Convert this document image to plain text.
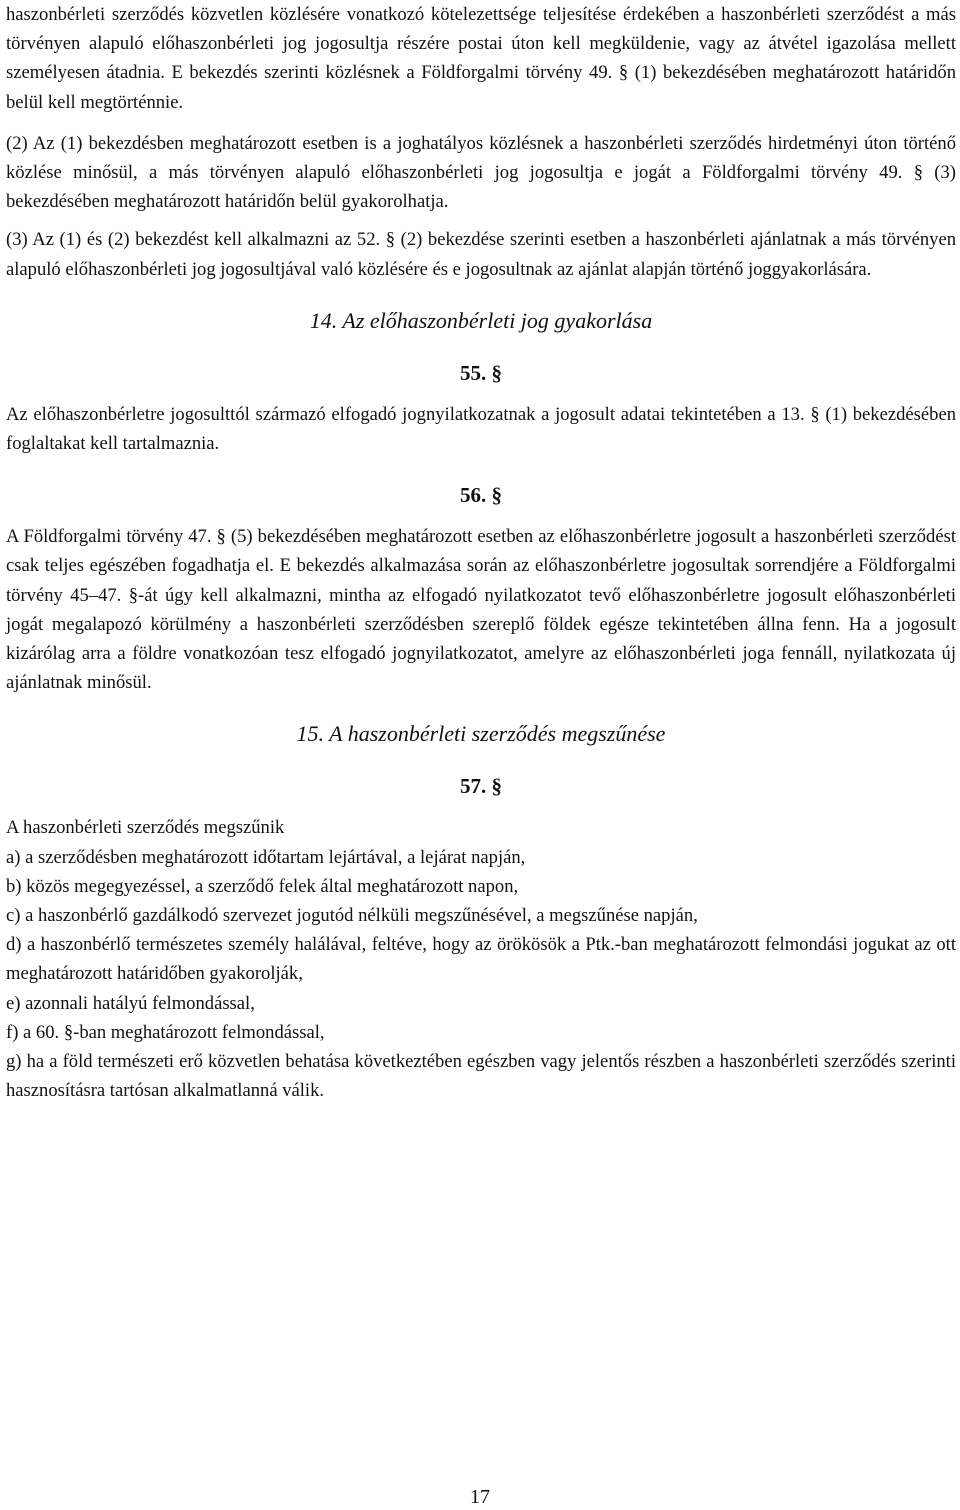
haszonbérleti szerződés közvetlen közlésére vonatkozó kötelezettsége teljesítése érdekében a haszonbérleti szerződést a más törvényen alapuló előhaszonbérleti jog jogosultja részére postai úton kell megküldenie, vagy az átvétel igazolása mellett személyesen átadnia. E bekezdés szerinti közlésnek a Földforgalmi törvény 49. § (1) bekezdésében meghatározott határidőn belül kell megtörténnie.

(2) Az (1) bekezdésben meghatározott esetben is a joghatályos közlésnek a haszonbérleti szerződés hirdetményi úton történő közlése minősül, a más törvényen alapuló előhaszonbérleti jog jogosultja e jogát a Földforgalmi törvény 49. § (3) bekezdésében meghatározott határidőn belül gyakorolhatja.

(3) Az (1) és (2) bekezdést kell alkalmazni az 52. § (2) bekezdése szerinti esetben a haszonbérleti ajánlatnak a más törvényen alapuló előhaszonbérleti jog jogosultjával való közlésére és e jogosultnak az ajánlat alapján történő joggyakorlására.

14. Az előhaszonbérleti jog gyakorlása

55. §

Az előhaszonbérletre jogosulttól származó elfogadó jognyilatkozatnak a jogosult adatai tekintetében a 13. § (1) bekezdésében foglaltakat kell tartalmaznia.

56. §

A Földforgalmi törvény 47. § (5) bekezdésében meghatározott esetben az előhaszonbérletre jogosult a haszonbérleti szerződést csak teljes egészében fogadhatja el. E bekezdés alkalmazása során az előhaszonbérletre jogosultak sorrendjére a Földforgalmi törvény 45–47. §-át úgy kell alkalmazni, mintha az elfogadó nyilatkozatot tevő előhaszonbérletre jogosult előhaszonbérleti jogát megalapozó körülmény a haszonbérleti szerződésben szereplő földek egésze tekintetében állna fenn. Ha a jogosult kizárólag arra a földre vonatkozóan tesz elfogadó jognyilatkozatot, amelyre az előhaszonbérleti joga fennáll, nyilatkozata új ajánlatnak minősül.

15. A haszonbérleti szerződés megszűnése

57. §

A haszonbérleti szerződés megszűnik

a) a szerződésben meghatározott időtartam lejártával, a lejárat napján,

b) közös megegyezéssel, a szerződő felek által meghatározott napon,

c) a haszonbérlő gazdálkodó szervezet jogutód nélküli megszűnésével, a megszűnése napján,

d) a haszonbérlő természetes személy halálával, feltéve, hogy az örökösök a Ptk.-ban meghatározott felmondási jogukat az ott meghatározott határidőben gyakorolják,

e) azonnali hatályú felmondással,

f) a 60. §-ban meghatározott felmondással,

g) ha a föld természeti erő közvetlen behatása következtében egészben vagy jelentős részben a haszonbérleti szerződés szerinti hasznosításra tartósan alkalmatlanná válik.

17
